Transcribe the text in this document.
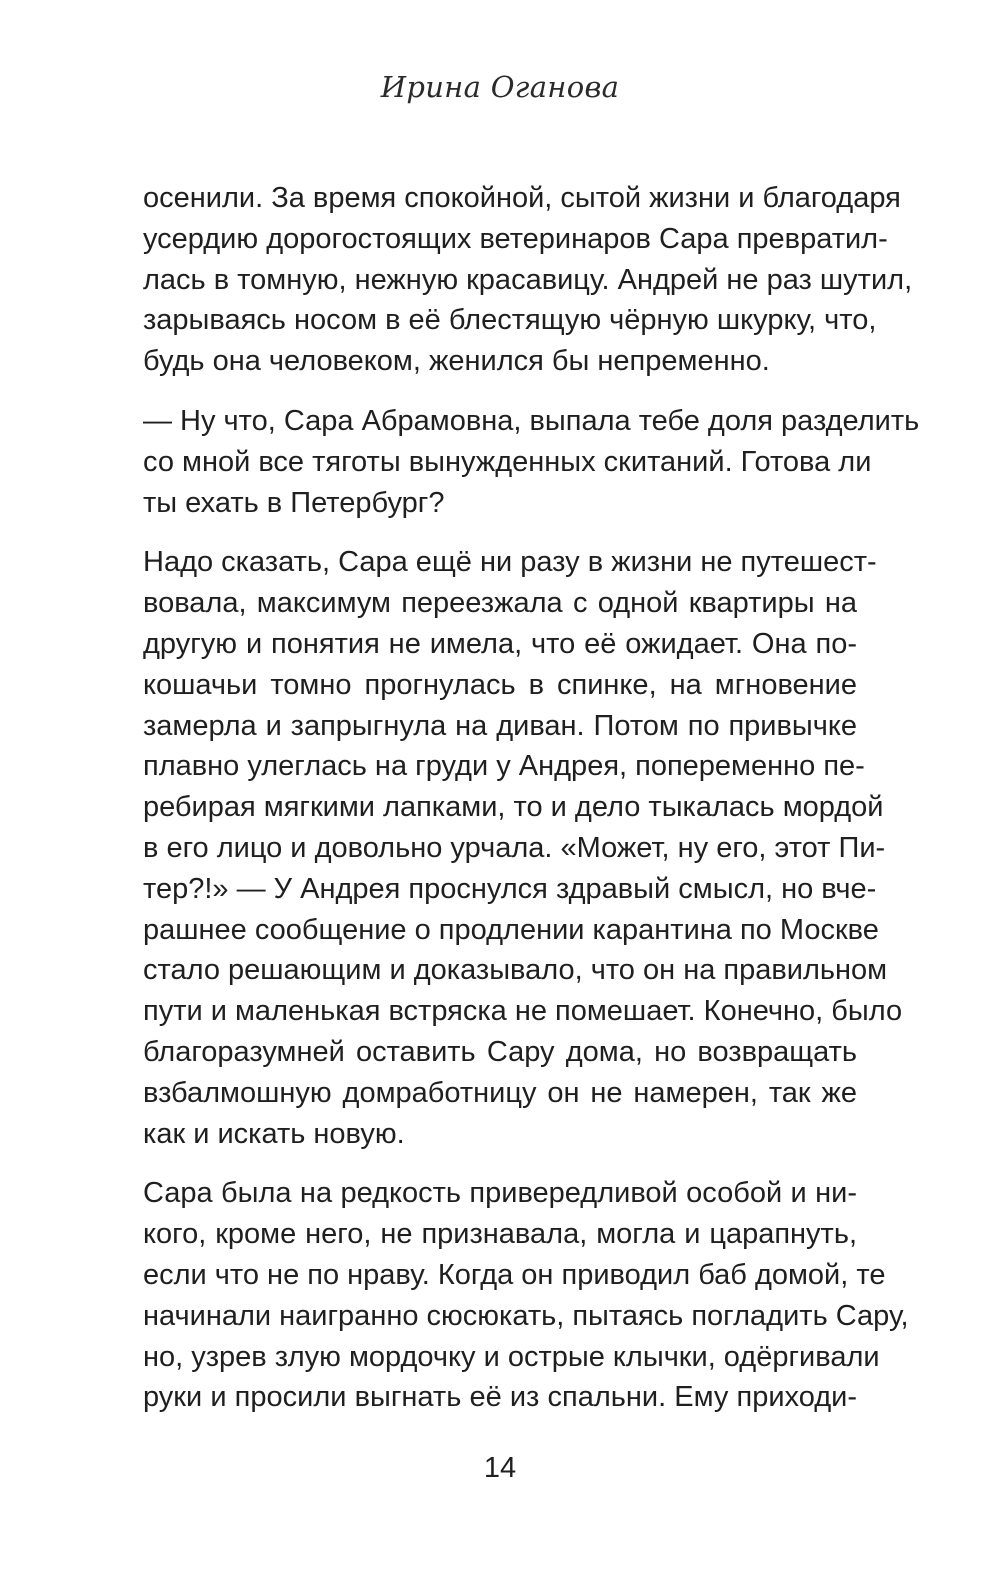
Ирина Оганова
осенили. За время спокойной, сытой жизни и благодаря
усердию дорогостоящих ветеринаров Сара превратил-
лась в томную, нежную красавицу. Андрей не раз шутил,
зарываясь носом в её блестящую чёрную шкурку, что,
будь она человеком, женился бы непременно.
— Ну что, Сара Абрамовна, выпала тебе доля разделить
со мной все тяготы вынужденных скитаний. Готова ли
ты ехать в Петербург?
Надо сказать, Сара ещё ни разу в жизни не путешест-
вовала, максимум переезжала с одной квартиры на
другую и понятия не имела, что её ожидает. Она по-
кошачьи томно прогнулась в спинке, на мгновение
замерла и запрыгнула на диван. Потом по привычке
плавно улеглась на груди у Андрея, попеременно пе-
ребирая мягкими лапками, то и дело тыкалась мордой
в его лицо и довольно урчала. «Может, ну его, этот Пи-
тер?!» — У Андрея проснулся здравый смысл, но вче-
рашнее сообщение о продлении карантина по Москве
стало решающим и доказывало, что он на правильном
пути и маленькая встряска не помешает. Конечно, было
благоразумней оставить Сару дома, но возвращать
взбалмошную домработницу он не намерен, так же
как и искать новую.
Сара была на редкость привередливой особой и ни-
кого, кроме него, не признавала, могла и царапнуть,
если что не по нраву. Когда он приводил баб домой, те
начинали наигранно сюсюкать, пытаясь погладить Сару,
но, узрев злую мордочку и острые клычки, одёргивали
руки и просили выгнать её из спальни. Ему приходи-
14
